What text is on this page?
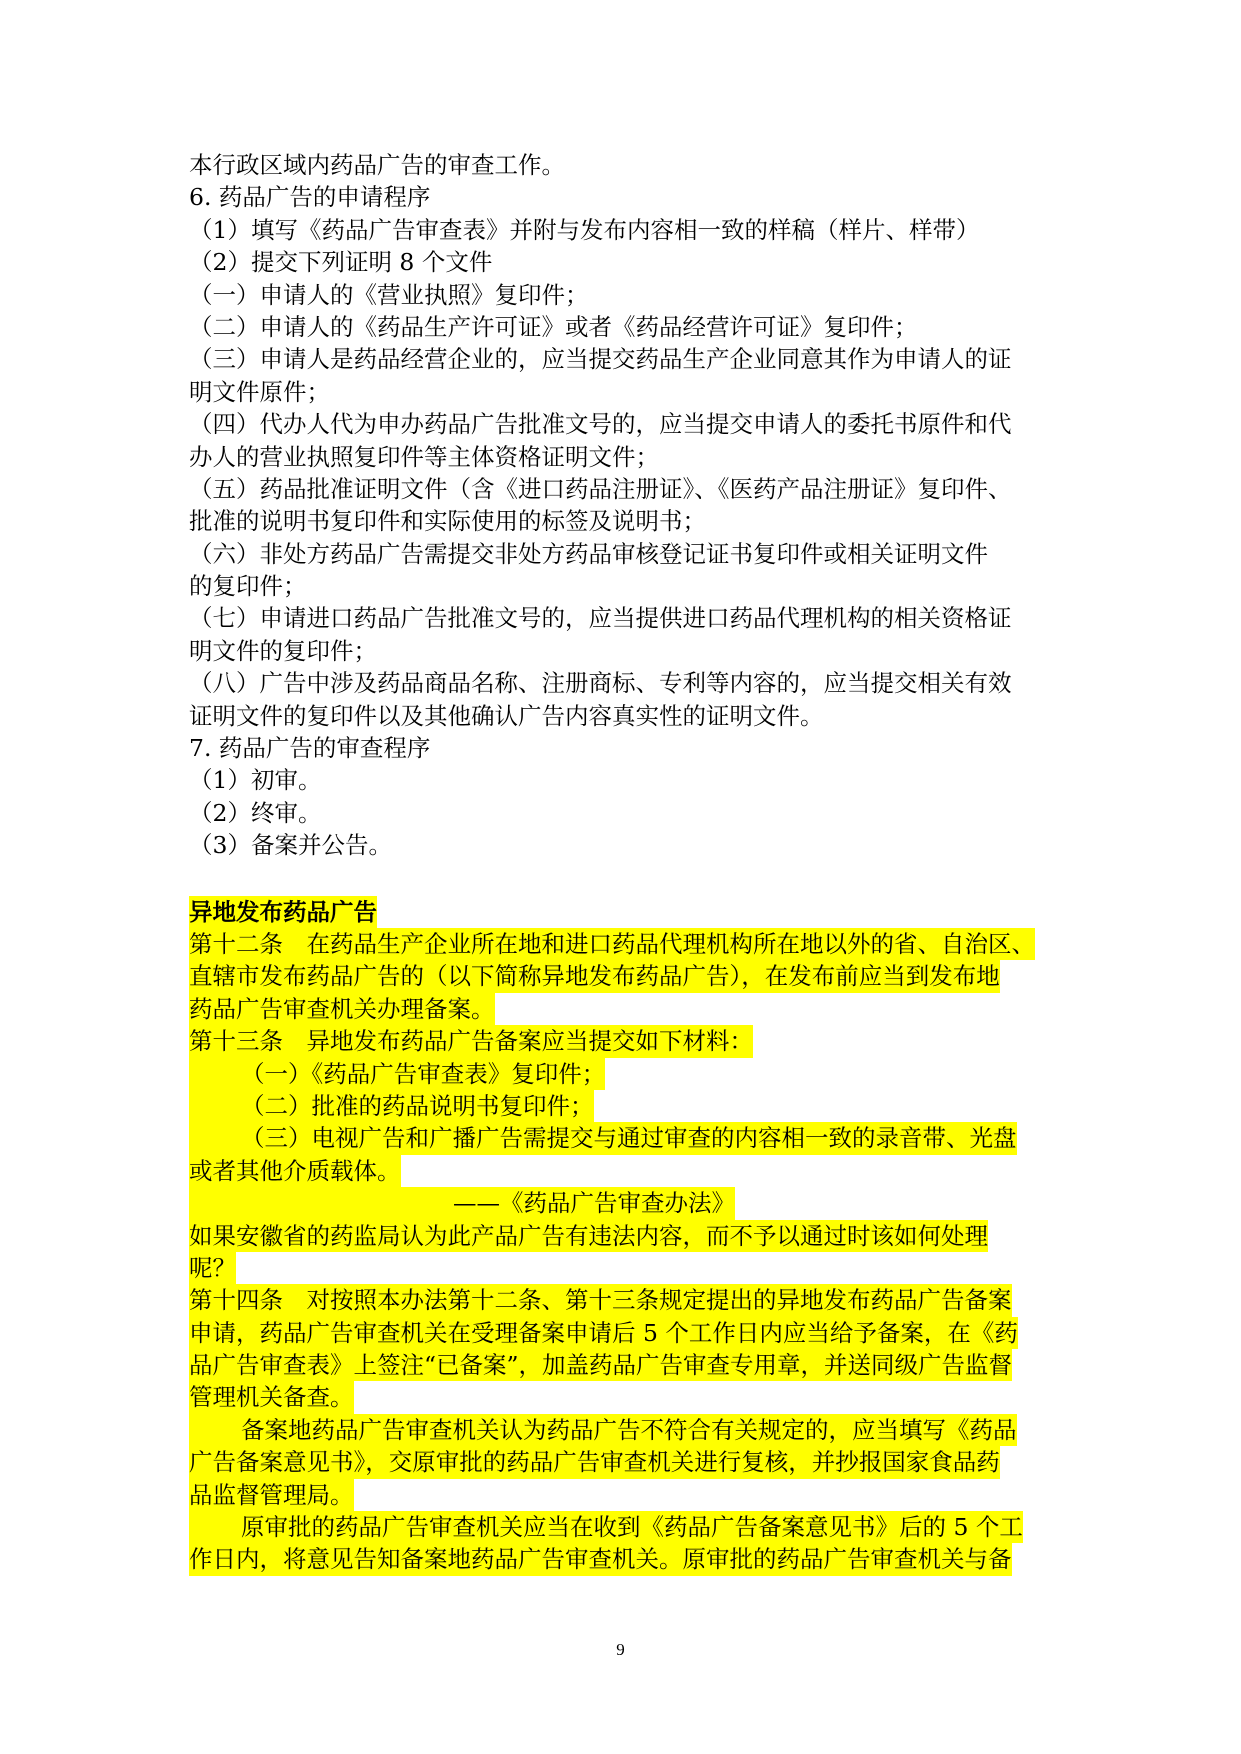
本行政区域内药品广告的审查工作。
6. 药品广告的申请程序
（1）填写《药品广告审查表》并附与发布内容相一致的样稿（样片、样带）
（2）提交下列证明 8 个文件
（一）申请人的《营业执照》复印件；
（二）申请人的《药品生产许可证》或者《药品经营许可证》复印件；
（三）申请人是药品经营企业的，应当提交药品生产企业同意其作为申请人的证
明文件原件；
（四）代办人代为申办药品广告批准文号的，应当提交申请人的委托书原件和代
办人的营业执照复印件等主体资格证明文件；
（五）药品批准证明文件（含《进口药品注册证》、《医药产品注册证》复印件、
批准的说明书复印件和实际使用的标签及说明书；
（六）非处方药品广告需提交非处方药品审核登记证书复印件或相关证明文件
的复印件；
（七）申请进口药品广告批准文号的，应当提供进口药品代理机构的相关资格证
明文件的复印件；
（八）广告中涉及药品商品名称、注册商标、专利等内容的，应当提交相关有效
证明文件的复印件以及其他确认广告内容真实性的证明文件。
7. 药品广告的审查程序
（1）初审。
（2）终审。
（3）备案并公告。
异地发布药品广告
第十二条　在药品生产企业所在地和进口药品代理机构所在地以外的省、自治区、
直辖市发布药品广告的（以下简称异地发布药品广告），在发布前应当到发布地
药品广告审查机关办理备案。
第十三条　异地发布药品广告备案应当提交如下材料：
（一）《药品广告审查表》复印件；
（二）批准的药品说明书复印件；
（三）电视广告和广播广告需提交与通过审查的内容相一致的录音带、光盘
或者其他介质载体。
——《药品广告审查办法》
如果安徽省的药监局认为此产品广告有违法内容，而不予以通过时该如何处理
呢？
第十四条　对按照本办法第十二条、第十三条规定提出的异地发布药品广告备案
申请，药品广告审查机关在受理备案申请后 5 个工作日内应当给予备案，在《药
品广告审查表》上签注“已备案”，加盖药品广告审查专用章，并送同级广告监督
管理机关备查。
备案地药品广告审查机关认为药品广告不符合有关规定的，应当填写《药品
广告备案意见书》，交原审批的药品广告审查机关进行复核，并抄报国家食品药
品监督管理局。
原审批的药品广告审查机关应当在收到《药品广告备案意见书》后的 5 个工
作日内，将意见告知备案地药品广告审查机关。原审批的药品广告审查机关与备
9
